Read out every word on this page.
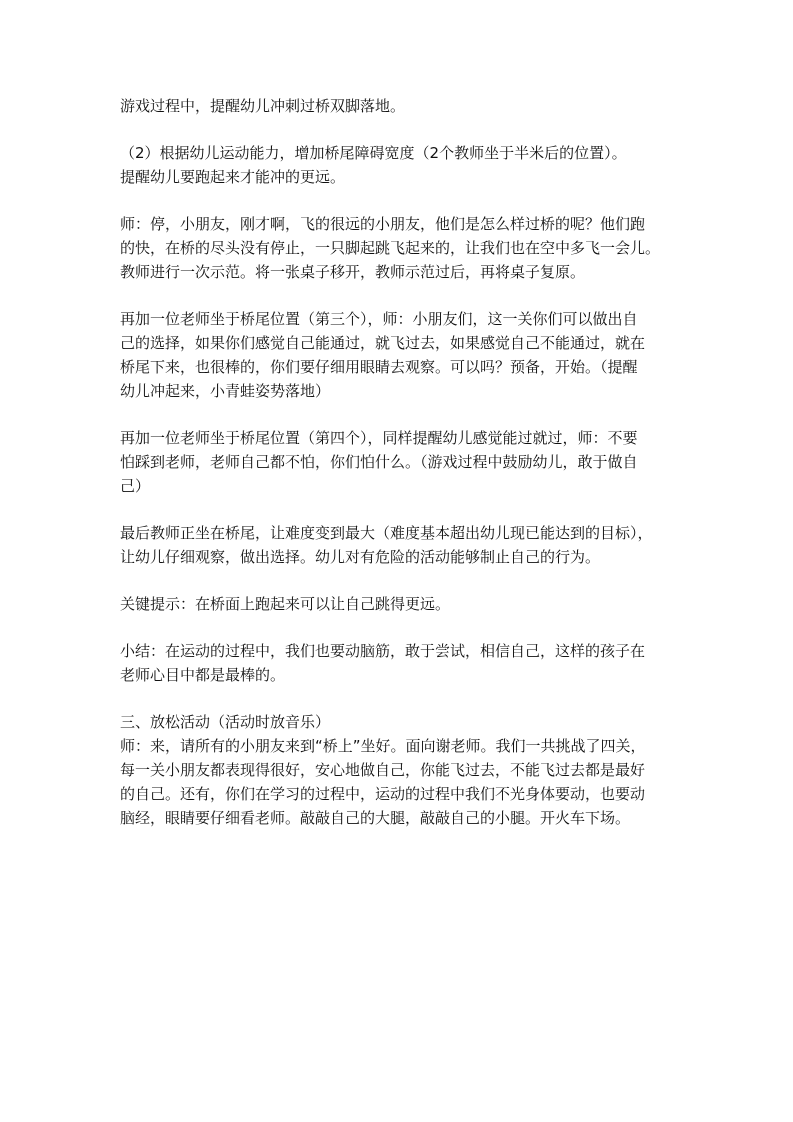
游戏过程中，提醒幼儿冲刺过桥双脚落地。

（2）根据幼儿运动能力，增加桥尾障碍宽度（2个教师坐于半米后的位置）。
提醒幼儿要跑起来才能冲的更远。

师：停，小朋友，刚才啊，飞的很远的小朋友，他们是怎么样过桥的呢？他们跑
的快，在桥的尽头没有停止，一只脚起跳飞起来的，让我们也在空中多飞一会儿。
教师进行一次示范。将一张桌子移开，教师示范过后，再将桌子复原。

再加一位老师坐于桥尾位置（第三个），师：小朋友们，这一关你们可以做出自
己的选择，如果你们感觉自己能通过，就飞过去，如果感觉自己不能通过，就在
桥尾下来，也很棒的，你们要仔细用眼睛去观察。可以吗？预备，开始。（提醒
幼儿冲起来，小青蛙姿势落地）

再加一位老师坐于桥尾位置（第四个），同样提醒幼儿感觉能过就过，师：不要
怕踩到老师，老师自己都不怕，你们怕什么。（游戏过程中鼓励幼儿，敢于做自
己）

最后教师正坐在桥尾，让难度变到最大（难度基本超出幼儿现已能达到的目标），
让幼儿仔细观察，做出选择。幼儿对有危险的活动能够制止自己的行为。

关键提示：在桥面上跑起来可以让自己跳得更远。

小结：在运动的过程中，我们也要动脑筋，敢于尝试，相信自己，这样的孩子在
老师心目中都是最棒的。

三、放松活动（活动时放音乐）
师：来，请所有的小朋友来到“桥上”坐好。面向谢老师。我们一共挑战了四关，
每一关小朋友都表现得很好，安心地做自己，你能飞过去，不能飞过去都是最好
的自己。还有，你们在学习的过程中，运动的过程中我们不光身体要动，也要动
脑经，眼睛要仔细看老师。敲敲自己的大腿，敲敲自己的小腿。开火车下场。
